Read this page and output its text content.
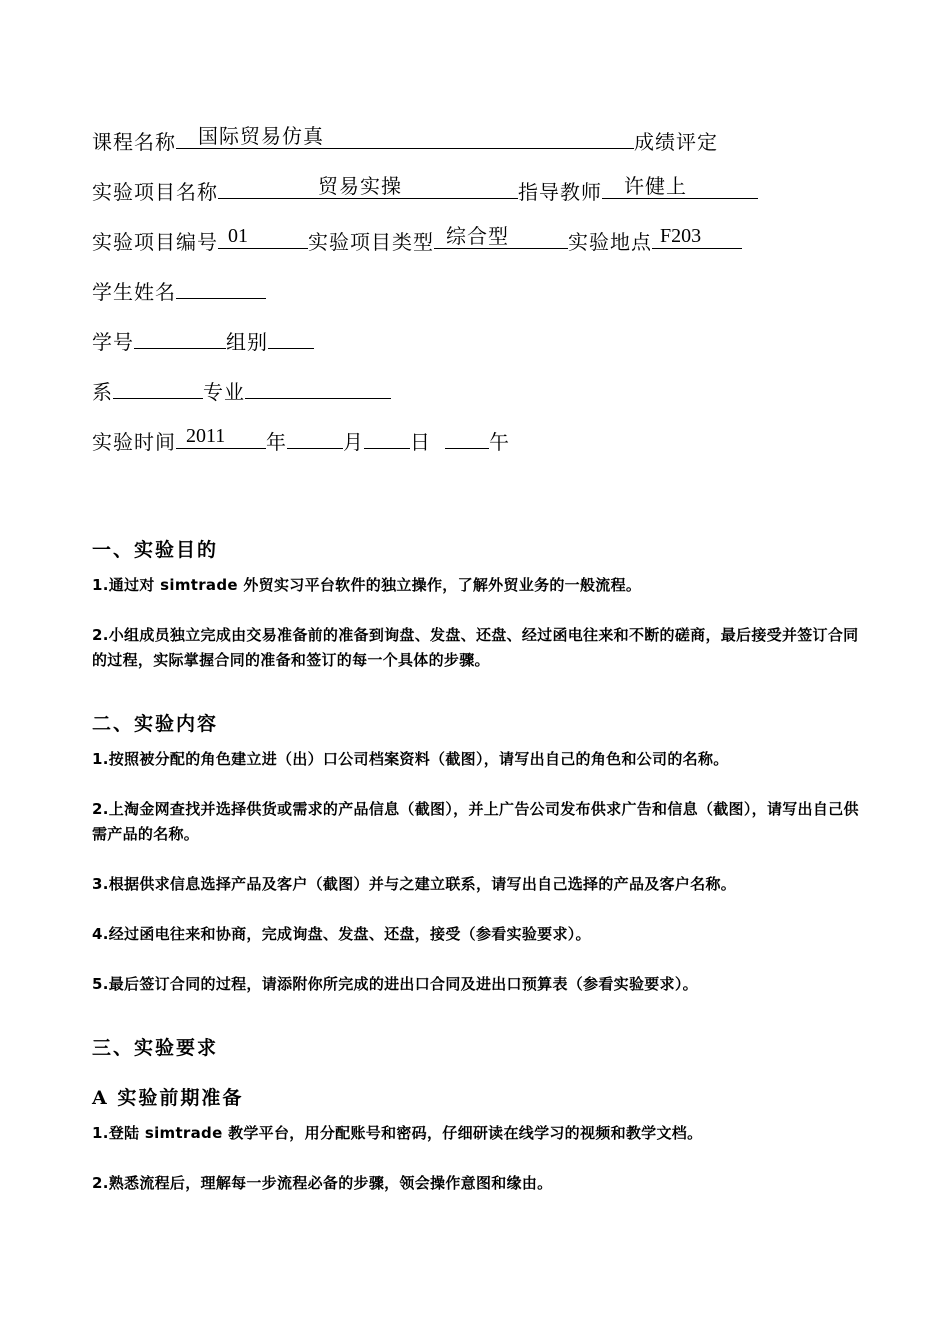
课程名称 国际贸易仿真	成绩评定
实验项目名称	贸易实操	指导教师 许健上
实验项目编号 01	实验项目类型 综合型	实验地点 F203
学生姓名
学号	组别
系	专业
实验时间 2011 年	月 日	午
一、实验目的
1.通过对 simtrade 外贸实习平台软件的独立操作，了解外贸业务的一般流程。
2.小组成员独立完成由交易准备前的准备到询盘、发盘、还盘、经过函电往来和不断的磋商，最后接受并签订合同的过程，实际掌握合同的准备和签订的每一个具体的步骤。
二、实验内容
1.按照被分配的角色建立进（出）口公司档案资料（截图），请写出自己的角色和公司的名称。
2.上淘金网查找并选择供货或需求的产品信息（截图），并上广告公司发布供求广告和信息（截图），请写出自己供需产品的名称。
3.根据供求信息选择产品及客户（截图）并与之建立联系，请写出自己选择的产品及客户名称。
4.经过函电往来和协商，完成询盘、发盘、还盘，接受（参看实验要求）。
5.最后签订合同的过程，请添附你所完成的进出口合同及进出口预算表（参看实验要求）。
三、实验要求
A 实验前期准备
1.登陆 simtrade 教学平台，用分配账号和密码，仔细研读在线学习的视频和教学文档。
2.熟悉流程后，理解每一步流程必备的步骤，领会操作意图和缘由。
